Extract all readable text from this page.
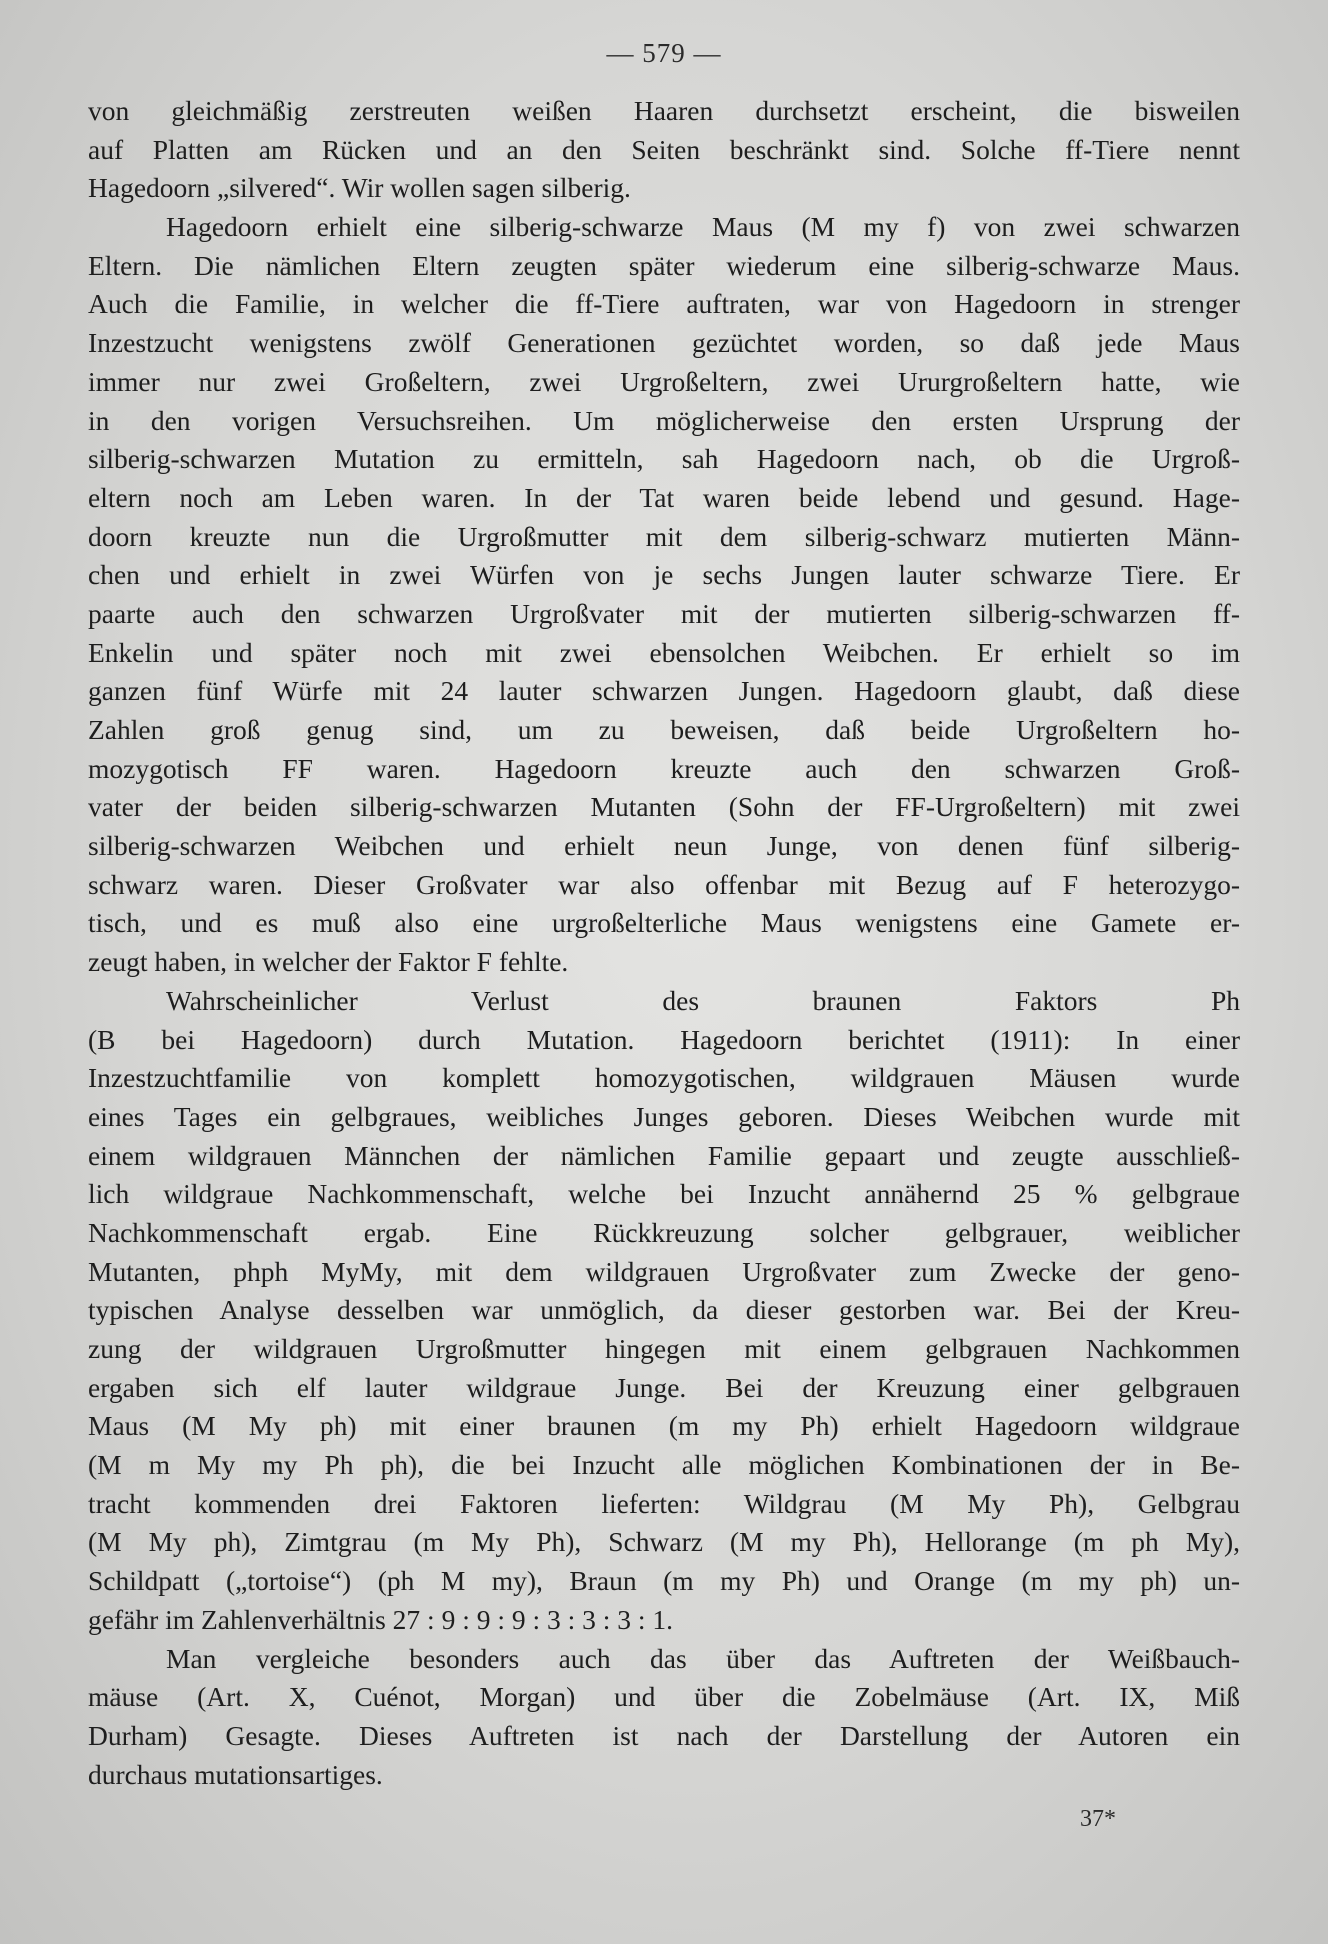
— 579 —
von gleichmäßig zerstreuten weißen Haaren durchsetzt erscheint, die bisweilen
auf Platten am Rücken und an den Seiten beschränkt sind. Solche ff-Tiere nennt
Hagedoorn „silvered“. Wir wollen sagen silberig.
Hagedoorn erhielt eine silberig-schwarze Maus (M my f) von zwei schwarzen
Eltern. Die nämlichen Eltern zeugten später wiederum eine silberig-schwarze Maus.
Auch die Familie, in welcher die ff-Tiere auftraten, war von Hagedoorn in strenger
Inzestzucht wenigstens zwölf Generationen gezüchtet worden, so daß jede Maus
immer nur zwei Großeltern, zwei Urgroßeltern, zwei Ururgroßeltern hatte, wie
in den vorigen Versuchsreihen. Um möglicherweise den ersten Ursprung der
silberig-schwarzen Mutation zu ermitteln, sah Hagedoorn nach, ob die Urgroß-
eltern noch am Leben waren. In der Tat waren beide lebend und gesund. Hage-
doorn kreuzte nun die Urgroßmutter mit dem silberig-schwarz mutierten Männ-
chen und erhielt in zwei Würfen von je sechs Jungen lauter schwarze Tiere. Er
paarte auch den schwarzen Urgroßvater mit der mutierten silberig-schwarzen ff-
Enkelin und später noch mit zwei ebensolchen Weibchen. Er erhielt so im
ganzen fünf Würfe mit 24 lauter schwarzen Jungen. Hagedoorn glaubt, daß diese
Zahlen groß genug sind, um zu beweisen, daß beide Urgroßeltern ho-
mozygotisch FF waren. Hagedoorn kreuzte auch den schwarzen Groß-
vater der beiden silberig-schwarzen Mutanten (Sohn der FF-Urgroßeltern) mit zwei
silberig-schwarzen Weibchen und erhielt neun Junge, von denen fünf silberig-
schwarz waren. Dieser Großvater war also offenbar mit Bezug auf F heterozygo-
tisch, und es muß also eine urgroßelterliche Maus wenigstens eine Gamete er-
zeugt haben, in welcher der Faktor F fehlte.
Wahrscheinlicher Verlust des braunen Faktors Ph
(B bei Hagedoorn) durch Mutation. Hagedoorn berichtet (1911): In einer
Inzestzuchtfamilie von komplett homozygotischen, wildgrauen Mäusen wurde
eines Tages ein gelbgraues, weibliches Junges geboren. Dieses Weibchen wurde mit
einem wildgrauen Männchen der nämlichen Familie gepaart und zeugte ausschließ-
lich wildgraue Nachkommenschaft, welche bei Inzucht annähernd 25 % gelbgraue
Nachkommenschaft ergab. Eine Rückkreuzung solcher gelbgrauer, weiblicher
Mutanten, phph MyMy, mit dem wildgrauen Urgroßvater zum Zwecke der geno-
typischen Analyse desselben war unmöglich, da dieser gestorben war. Bei der Kreu-
zung der wildgrauen Urgroßmutter hingegen mit einem gelbgrauen Nachkommen
ergaben sich elf lauter wildgraue Junge. Bei der Kreuzung einer gelbgrauen
Maus (M My ph) mit einer braunen (m my Ph) erhielt Hagedoorn wildgraue
(M m My my Ph ph), die bei Inzucht alle möglichen Kombinationen der in Be-
tracht kommenden drei Faktoren lieferten: Wildgrau (M My Ph), Gelbgrau
(M My ph), Zimtgrau (m My Ph), Schwarz (M my Ph), Hellorange (m ph My),
Schildpatt („tortoise“) (ph M my), Braun (m my Ph) und Orange (m my ph) un-
gefähr im Zahlenverhältnis 27 : 9 : 9 : 9 : 3 : 3 : 3 : 1.
Man vergleiche besonders auch das über das Auftreten der Weißbauch-
mäuse (Art. X, Cuénot, Morgan) und über die Zobelmäuse (Art. IX, Miß
Durham) Gesagte. Dieses Auftreten ist nach der Darstellung der Autoren ein
durchaus mutationsartiges.
37*
